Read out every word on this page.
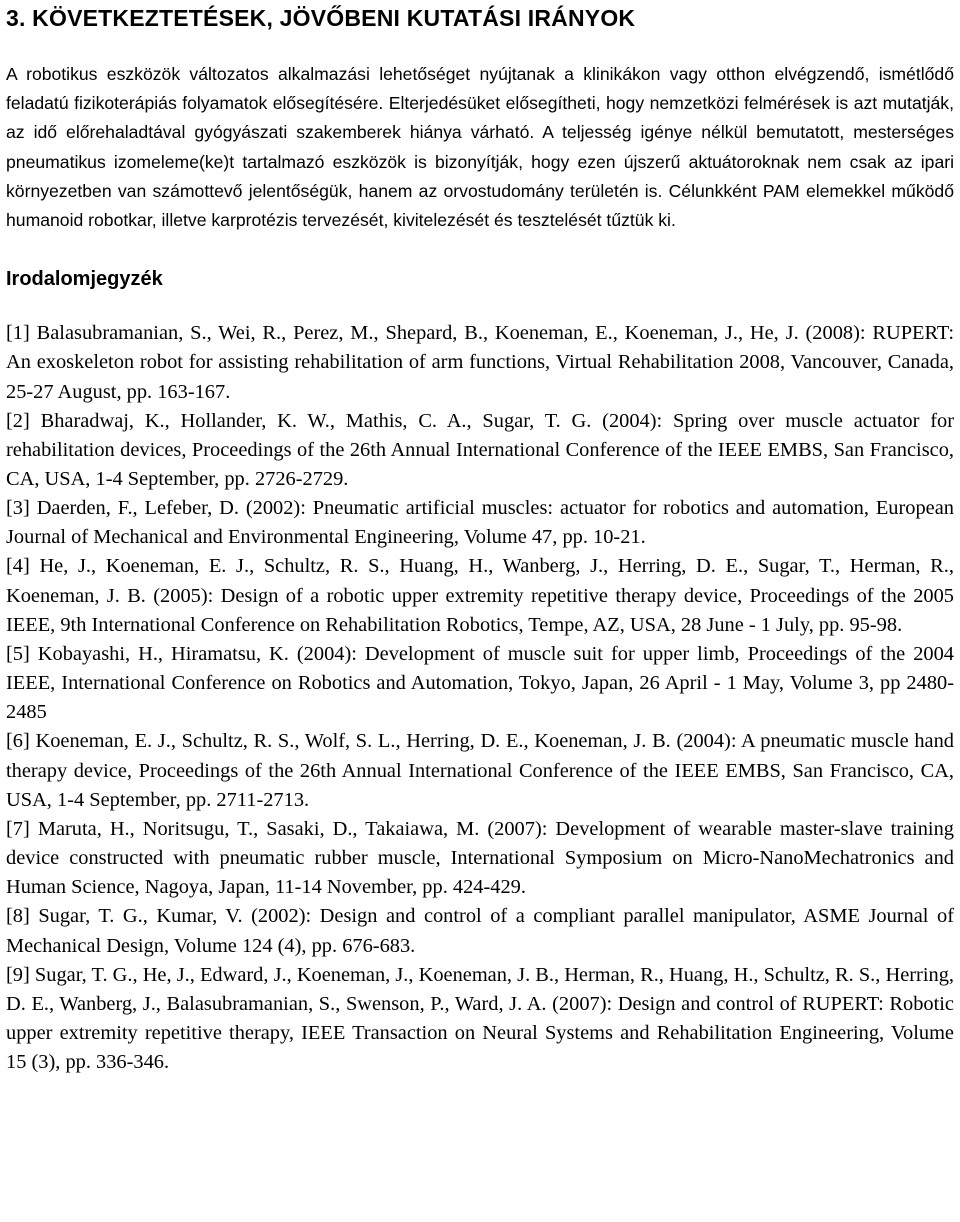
3. KÖVETKEZTETÉSEK, JÖVŐBENI KUTATÁSI IRÁNYOK

A robotikus eszközök változatos alkalmazási lehetőséget nyújtanak a klinikákon vagy otthon elvégzendő, ismétlődő feladatú fizikoterápiás folyamatok elősegítésére. Elterjedésüket elősegítheti, hogy nemzetközi felmérések is azt mutatják, az idő előrehaladtával gyógyászati szakemberek hiánya várható. A teljesség igénye nélkül bemutatott, mesterséges pneumatikus izomeleme(ke)t tartalmazó eszközök is bizonyítják, hogy ezen újszerű aktuátoroknak nem csak az ipari környezetben van számottevő jelentőségük, hanem az orvostudomány területén is. Célunkként PAM elemekkel működő humanoid robotkar, illetve karprotézis tervezését, kivitelezését és tesztelését tűztük ki.

Irodalomjegyzék

[1] Balasubramanian, S., Wei, R., Perez, M., Shepard, B., Koeneman, E., Koeneman, J., He, J. (2008): RUPERT: An exoskeleton robot for assisting rehabilitation of arm functions, Virtual Rehabilitation 2008, Vancouver, Canada, 25-27 August, pp. 163-167.

[2] Bharadwaj, K., Hollander, K. W., Mathis, C. A., Sugar, T. G. (2004): Spring over muscle actuator for rehabilitation devices, Proceedings of the 26th Annual International Conference of the IEEE EMBS, San Francisco, CA, USA, 1-4 September, pp. 2726-2729.

[3] Daerden, F., Lefeber, D. (2002): Pneumatic artificial muscles: actuator for robotics and automation, European Journal of Mechanical and Environmental Engineering, Volume 47, pp. 10-21.

[4] He, J., Koeneman, E. J., Schultz, R. S., Huang, H., Wanberg, J., Herring, D. E., Sugar, T., Herman, R., Koeneman, J. B. (2005): Design of a robotic upper extremity repetitive therapy device, Proceedings of the 2005 IEEE, 9th International Conference on Rehabilitation Robotics, Tempe, AZ, USA, 28 June - 1 July, pp. 95-98.

[5] Kobayashi, H., Hiramatsu, K. (2004): Development of muscle suit for upper limb, Proceedings of the 2004 IEEE, International Conference on Robotics and Automation, Tokyo, Japan, 26 April - 1 May, Volume 3, pp 2480-2485

[6] Koeneman, E. J., Schultz, R. S., Wolf, S. L., Herring, D. E., Koeneman, J. B. (2004): A pneumatic muscle hand therapy device, Proceedings of the 26th Annual International Conference of the IEEE EMBS, San Francisco, CA, USA, 1-4 September, pp. 2711-2713.

[7] Maruta, H., Noritsugu, T., Sasaki, D., Takaiawa, M. (2007): Development of wearable master-slave training device constructed with pneumatic rubber muscle, International Symposium on Micro-NanoMechatronics and Human Science, Nagoya, Japan, 11-14 November, pp. 424-429.

[8] Sugar, T. G., Kumar, V. (2002): Design and control of a compliant parallel manipulator, ASME Journal of Mechanical Design, Volume 124 (4), pp. 676-683.

[9] Sugar, T. G., He, J., Edward, J., Koeneman, J., Koeneman, J. B., Herman, R., Huang, H., Schultz, R. S., Herring, D. E., Wanberg, J., Balasubramanian, S., Swenson, P., Ward, J. A. (2007): Design and control of RUPERT: Robotic upper extremity repetitive therapy, IEEE Transaction on Neural Systems and Rehabilitation Engineering, Volume 15 (3), pp. 336-346.
